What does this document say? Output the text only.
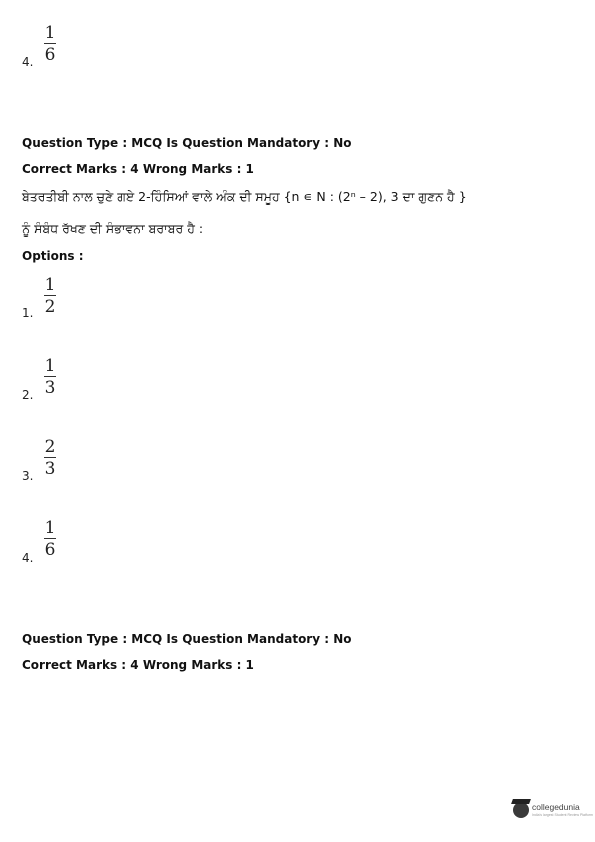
4.
1
6
Question Type : MCQ Is Question Mandatory : No
Correct Marks : 4 Wrong Marks : 1
ਬੇਤਰਤੀਬੀ ਨਾਲ ਚੁਣੇ ਗਏ 2-ਹਿੰਸਿਆਂ ਵਾਲੇ ਅੰਕ ਦੀ ਸਮੂਹ {n ∊ N : (2ⁿ – 2), 3 ਦਾ ਗੁਣਨ ਹੈ } ਨੂੰ ਸੰਬੰਧ ਰੱਖਣ ਦੀ ਸੰਭਾਵਨਾ ਬਰਾਬਰ ਹੈ :
Options :
1.
1
2
2.
1
3
3.
2
3
4.
1
6
Question Type : MCQ Is Question Mandatory : No
Correct Marks : 4 Wrong Marks : 1
collegedunia
India's largest Student Review Platform
